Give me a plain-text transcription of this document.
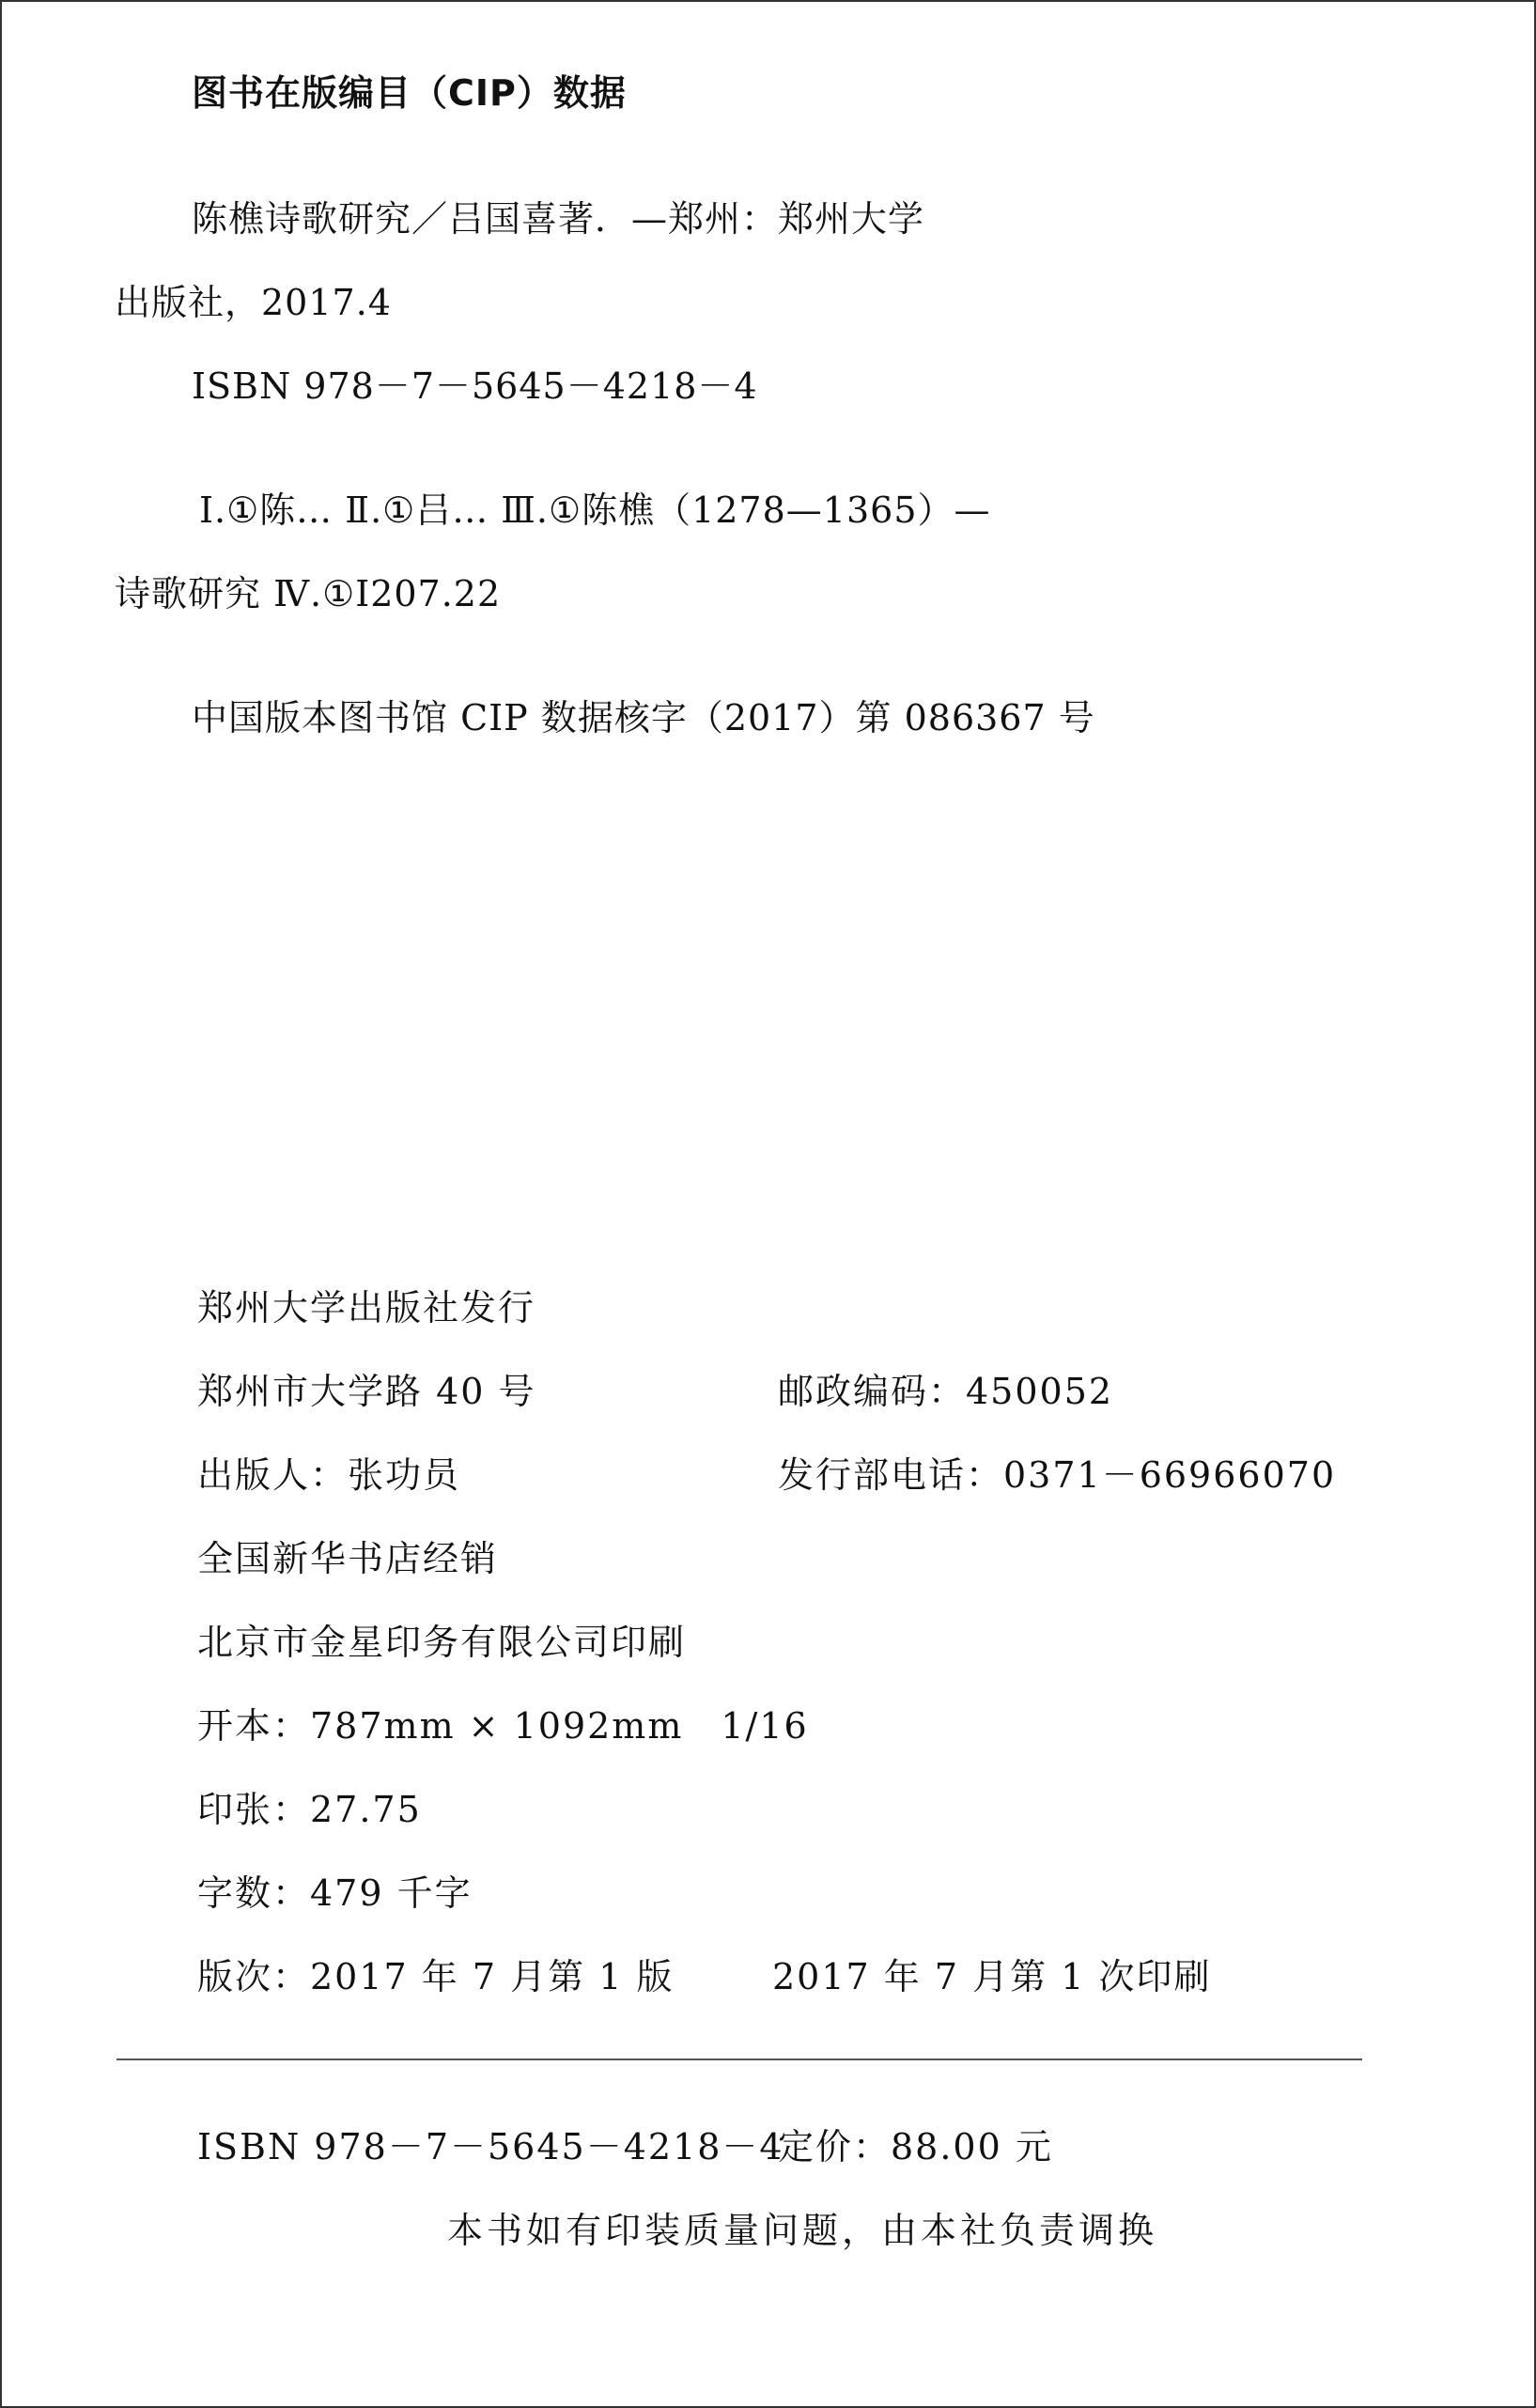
图书在版编目（CIP）数据
陈樵诗歌研究／吕国喜著．—郑州：郑州大学
出版社，2017.4
ISBN 978－7－5645－4218－4
Ⅰ.①陈… Ⅱ.①吕… Ⅲ.①陈樵（1278—1365）—
诗歌研究 Ⅳ.①I207.22
中国版本图书馆 CIP 数据核字（2017）第 086367 号
郑州大学出版社发行
郑州市大学路 40 号	邮政编码：450052
出版人：张功员	发行部电话：0371－66966070
全国新华书店经销
北京市金星印务有限公司印刷
开本：787mm × 1092mm　1/16
印张：27.75
字数：479 千字
版次：2017 年 7 月第 1 版	2017 年 7 月第 1 次印刷
ISBN 978－7－5645－4218－4
定价：88.00 元
本书如有印装质量问题，由本社负责调换
